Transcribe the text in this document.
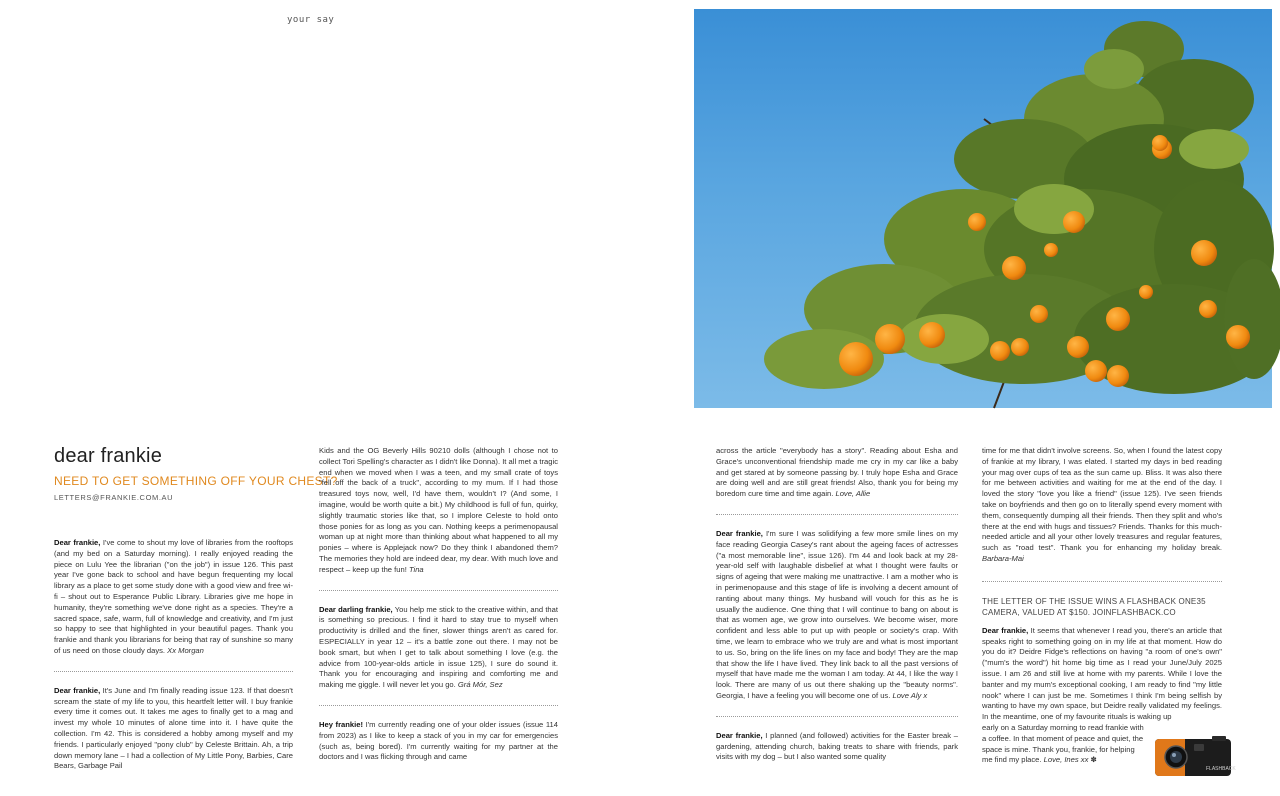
your say
dear frankie
NEED TO GET SOMETHING OFF YOUR CHEST?
LETTERS@FRANKIE.COM.AU

Dear frankie, I've come to shout my love of libraries from the rooftops (and my bed on a Saturday morning). I really enjoyed reading the piece on Lulu Yee the librarian ("on the job") in issue 126. This past year I've gone back to school and have begun frequenting my local library as a place to get some study done with a good view and free wi-fi – shout out to Esperance Public Library. Libraries give me hope in humanity, they're something we've done right as a species. They're a sacred space, safe, warm, full of knowledge and creativity, and I'm just so happy to see that highlighted in your beautiful pages. Thank you frankie and thank you librarians for being that ray of sunshine so many of us need on those cloudy days. Xx Morgan

Dear frankie, It's June and I'm finally reading issue 123. If that doesn't scream the state of my life to you, this heartfelt letter will. I buy frankie every time it comes out. It takes me ages to finally get to a mag and invest my whole 10 minutes of alone time into it. I have quite the collection. I'm 42. This is considered a hobby among myself and my friends. I particularly enjoyed "pony club" by Celeste Brittain. Ah, a trip down memory lane – I had a collection of My Little Pony, Barbies, Care Bears, Garbage Pail

Kids and the OG Beverly Hills 90210 dolls (although I chose not to collect Tori Spelling's character as I didn't like Donna). It all met a tragic end when we moved when I was a teen, and my small crate of toys "fell off the back of a truck", according to my mum. If I had those treasured toys now, well, I'd have them, wouldn't I? (And some, I imagine, would be worth quite a bit.) My childhood is full of fun, quirky, slightly traumatic stories like that, so I implore Celeste to hold onto those ponies for as long as you can. Nothing keeps a perimenopausal woman up at night more than thinking about what happened to all my ponies – where is Applejack now? Do they think I abandoned them? The memories they hold are indeed dear, my dear. With much love and respect – keep up the fun! Tina

Dear darling frankie, You help me stick to the creative within, and that is something so precious. I find it hard to stay true to myself when productivity is drilled and the finer, slower things aren't as cared for. ESPECIALLY in year 12 – it's a battle zone out there. I may not be book smart, but when I get to talk about something I love (e.g. the advice from 100-year-olds article in issue 125), I sure do sound it. Thank you for encouraging and inspiring and comforting me and making me giggle. I will never let you go. Grá Mór, Sez

Hey frankie! I'm currently reading one of your older issues (issue 114 from 2023) as I like to keep a stack of you in my car for emergencies (such as, being bored). I'm currently waiting for my partner at the doctors and I was flicking through and came

across the article "everybody has a story". Reading about Esha and Grace's unconventional friendship made me cry in my car like a baby and get stared at by someone passing by. I truly hope Esha and Grace are doing well and are still great friends! Also, thank you for being my boredom cure time and time again. Love, Allie

Dear frankie, I'm sure I was solidifying a few more smile lines on my face reading Georgia Casey's rant about the ageing faces of actresses ("a most memorable line", issue 126). I'm 44 and look back at my 28-year-old self with laughable disbelief at what I thought were faults or signs of ageing that were making me unattractive. I am a mother who is in perimenopause and this stage of life is involving a decent amount of ranting about many things. My husband will vouch for this as he is usually the audience. One thing that I will continue to bang on about is that as women age, we grow into ourselves. We become wiser, more confident and less able to put up with people or society's crap. With time, we learn to embrace who we truly are and what is most important to us. So, bring on the life lines on my face and body! They are the map that show the life I have lived. They link back to all the past versions of myself that have made me the woman I am today. At 44, I like the way I look. There are many of us out there shaking up the "beauty norms". Georgia, I have a feeling you will become one of us. Love Aly x

Dear frankie, I planned (and followed) activities for the Easter break – gardening, attending church, baking treats to share with friends, park visits with my dog – but I also wanted some quality

time for me that didn't involve screens. So, when I found the latest copy of frankie at my library, I was elated. I started my days in bed reading your mag over cups of tea as the sun came up. Bliss. It was also there for me between activities and waiting for me at the end of the day. I loved the story "love you like a friend" (issue 125). I've seen friends take on boyfriends and then go on to literally spend every moment with them, consequently dumping all their friends. Then they split and who's there at the end with hugs and tissues? Friends. Thanks for this much-needed article and all your other lovely treasures and regular features, such as "road test". Thank you for enhancing my holiday break. Barbara-Mai

THE LETTER OF THE ISSUE WINS A FLASHBACK ONE35 CAMERA, VALUED AT $150. JOINFLASHBACK.CO

Dear frankie, It seems that whenever I read you, there's an article that speaks right to something going on in my life at that moment. How do you do it? Deidre Fidge's reflections on having "a room of one's own" ("mum's the word") hit home big time as I read your June/July 2025 issue. I am 26 and still live at home with my parents. While I love the banter and my mum's exceptional cooking, I am ready to find "my little nook" where I can just be me. Sometimes I think I'm being selfish by wanting to have my own space, but Deidre really validated my feelings. In the meantime, one of my favourite rituals is waking up

early on a Saturday morning to read frankie with a coffee. In that moment of peace and quiet, the space is mine. Thank you, frankie, for helping me find my place. Love, Ines xx ✽

FLASHBACK
